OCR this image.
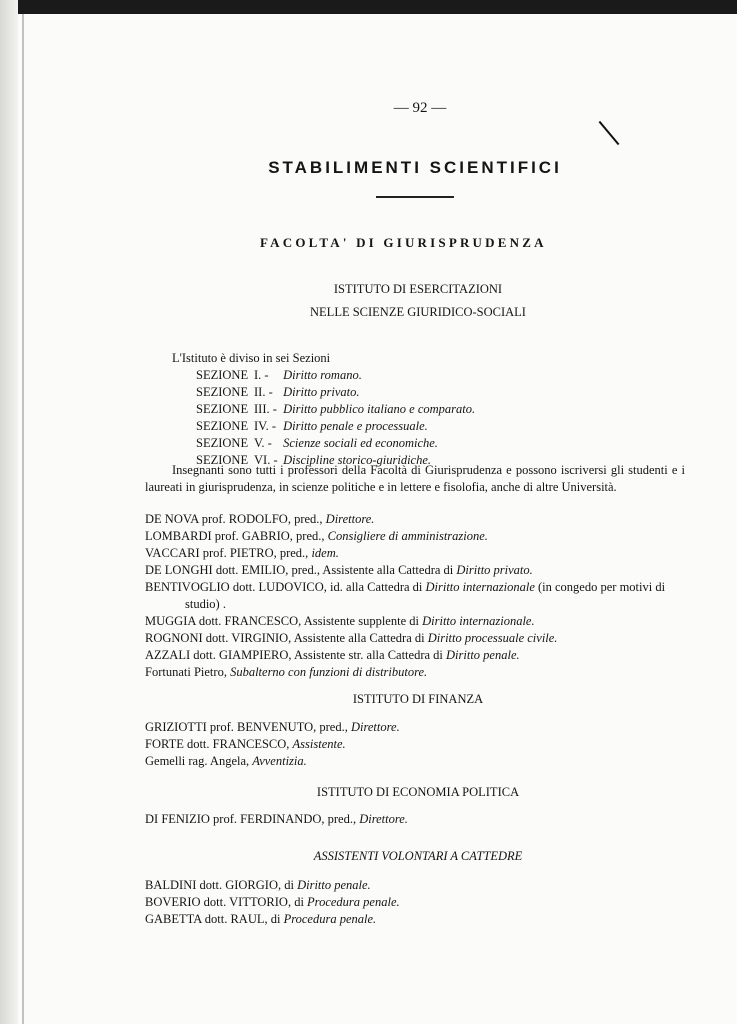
— 92 —
STABILIMENTI SCIENTIFICI
FACOLTA' DI GIURISPRUDENZA
ISTITUTO DI ESERCITAZIONI
NELLE SCIENZE GIURIDICO-SOCIALI
L'Istituto è diviso in sei Sezioni
SEZIONE I. - Diritto romano.
SEZIONE II. - Diritto privato.
SEZIONE III. - Diritto pubblico italiano e comparato.
SEZIONE IV. - Diritto penale e processuale.
SEZIONE V. - Scienze sociali ed economiche.
SEZIONE VI. - Discipline storico-giuridiche.
Insegnanti sono tutti i professori della Facoltà di Giurisprudenza e possono iscriversi gli studenti e i laureati in giurisprudenza, in scienze politiche e in lettere e fisolofia, anche di altre Università.
DE NOVA prof. RODOLFO, pred., Direttore.
LOMBARDI prof. GABRIO, pred., Consigliere di amministrazione.
VACCARI prof. PIETRO, pred., idem.
DE LONGHI dott. EMILIO, pred., Assistente alla Cattedra di Diritto privato.
BENTIVOGLIO dott. LUDOVICO, id. alla Cattedra di Diritto internazionale (in congedo per motivi di studio) .
MUGGIA dott. FRANCESCO, Assistente supplente di Diritto internazionale.
ROGNONI dott. VIRGINIO, Assistente alla Cattedra di Diritto processuale civile.
AZZALI dott. GIAMPIERO, Assistente str. alla Cattedra di Diritto penale.
Fortunati Pietro, Subalterno con funzioni di distributore.
ISTITUTO DI FINANZA
GRIZIOTTI prof. BENVENUTO, pred., Direttore.
FORTE dott. FRANCESCO, Assistente.
Gemelli rag. Angela, Avventizia.
ISTITUTO DI ECONOMIA POLITICA
DI FENIZIO prof. FERDINANDO, pred., Direttore.
ASSISTENTI VOLONTARI A CATTEDRE
BALDINI dott. GIORGIO, di Diritto penale.
BOVERIO dott. VITTORIO, di Procedura penale.
GABETTA dott. RAUL, di Procedura penale.
